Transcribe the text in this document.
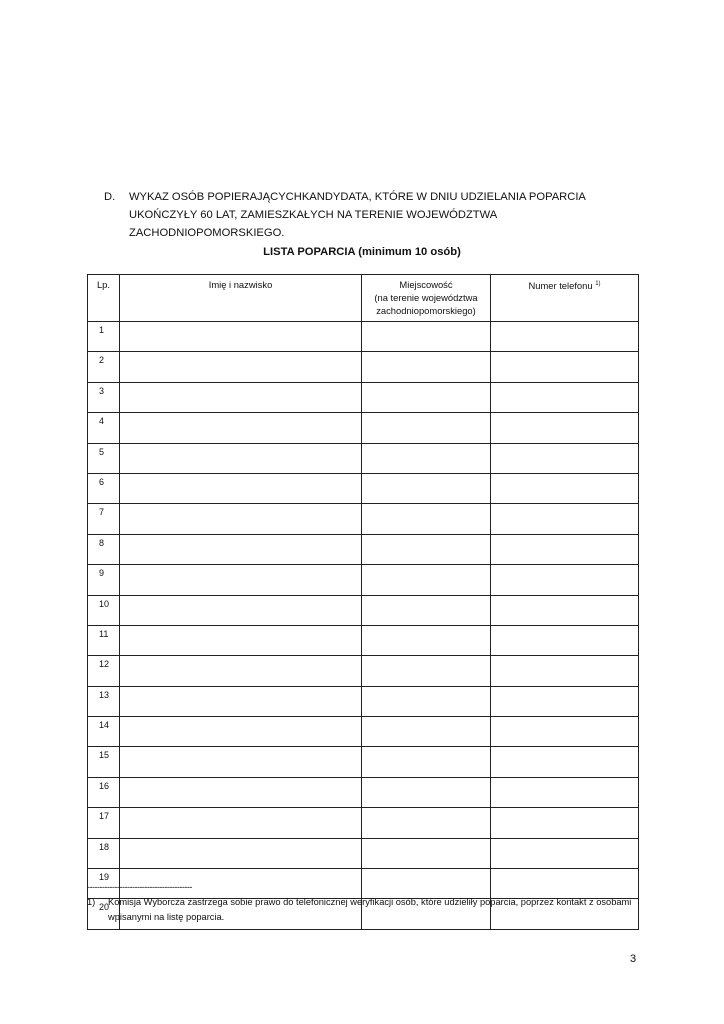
D.	WYKAZ OSÓB POPIERAJĄCYCHKANDYDATA, KTÓRE W DNIU UDZIELANIA POPARCIA UKOŃCZYŁY 60 LAT, ZAMIESZKAŁYCH NA TERENIE WOJEWÓDZTWA ZACHODNIOPOMORSKIEGO.
LISTA POPARCIA (minimum 10 osób)
Lp.	Imię i nazwisko	Miejscowość
(na terenie województwa
zachodniopomorskiego)	Numer telefonu $^{1)}$
1			
2			
3			
4			
5			
6			
7			
8			
9			
10			
11			
12			
13			
14			
15			
16			
17			
18			
19			
20			
------------------------------------------
1) Komisja Wyborcza zastrzega sobie prawo do telefonicznej weryfikacji osób, które udzieliły poparcia, poprzez kontakt z osobami wpisanymi na listę poparcia.
3
